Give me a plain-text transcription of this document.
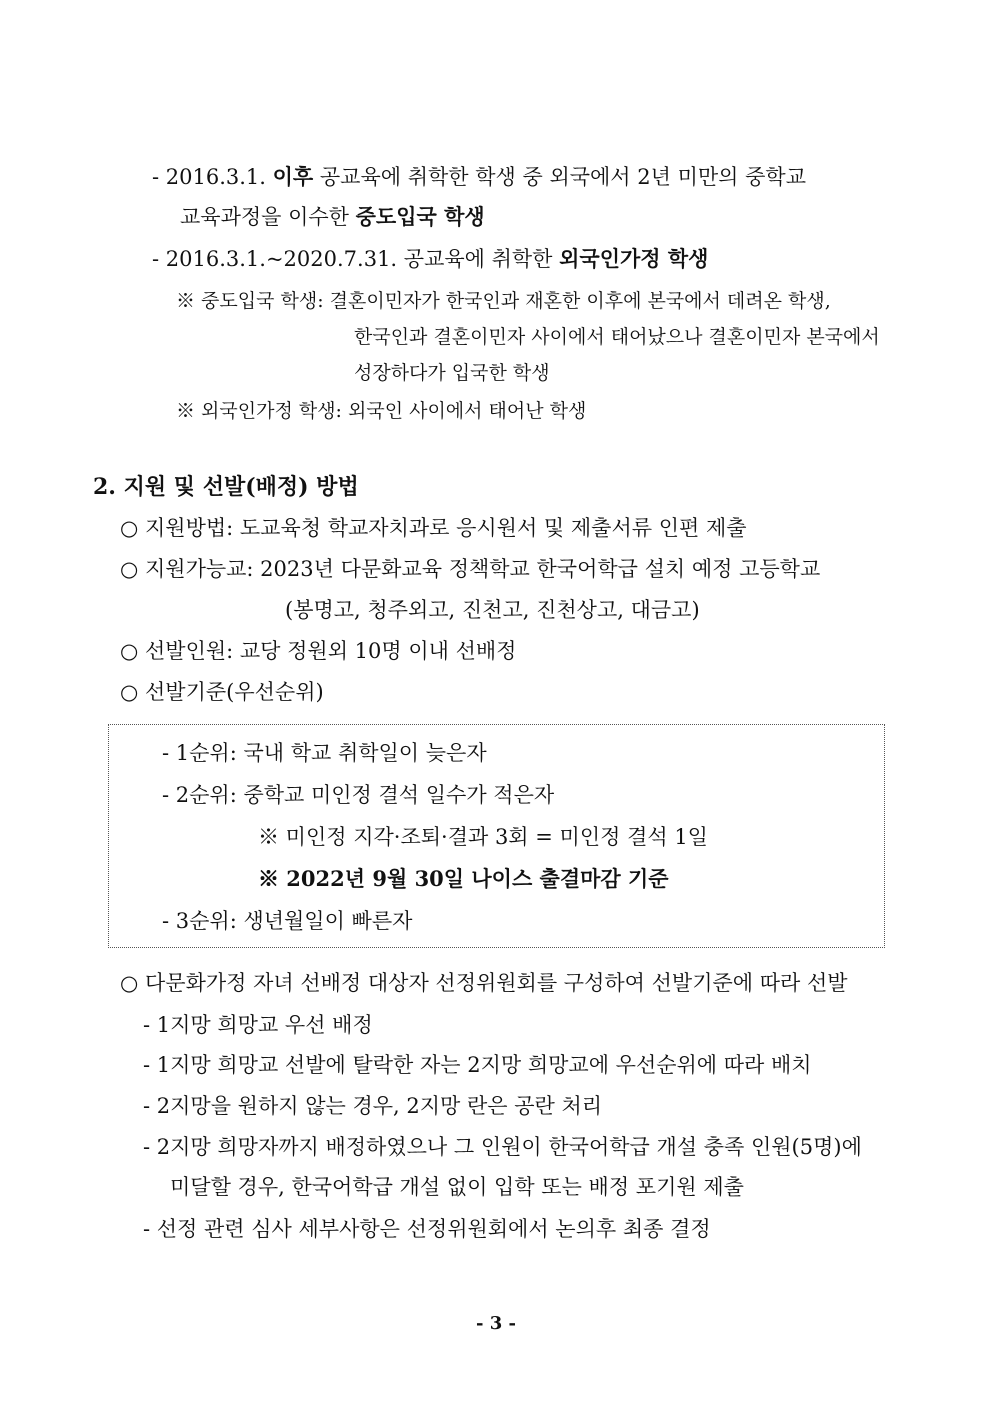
- 2016.3.1. 이후 공교육에 취학한 학생 중 외국에서 2년 미만의 중학교
교육과정을 이수한 중도입국 학생
- 2016.3.1.~2020.7.31. 공교육에 취학한 외국인가정 학생
※ 중도입국 학생: 결혼이민자가 한국인과 재혼한 이후에 본국에서 데려온 학생,
한국인과 결혼이민자 사이에서 태어났으나 결혼이민자 본국에서
성장하다가 입국한 학생
※ 외국인가정 학생: 외국인 사이에서 태어난 학생
2. 지원 및 선발(배정) 방법
○ 지원방법: 도교육청 학교자치과로 응시원서 및 제출서류 인편 제출
○ 지원가능교: 2023년 다문화교육 정책학교 한국어학급 설치 예정 고등학교
(봉명고, 청주외고, 진천고, 진천상고, 대금고)
○ 선발인원: 교당 정원외 10명 이내 선배정
○ 선발기준(우선순위)
- 1순위: 국내 학교 취학일이 늦은자
- 2순위: 중학교 미인정 결석 일수가 적은자
※ 미인정 지각·조퇴·결과 3회 = 미인정 결석 1일
※ 2022년 9월 30일 나이스 출결마감 기준
- 3순위: 생년월일이 빠른자
○ 다문화가정 자녀 선배정 대상자 선정위원회를 구성하여 선발기준에 따라 선발
- 1지망 희망교 우선 배정
- 1지망 희망교 선발에 탈락한 자는 2지망 희망교에 우선순위에 따라 배치
- 2지망을 원하지 않는 경우, 2지망 란은 공란 처리
- 2지망 희망자까지 배정하였으나 그 인원이 한국어학급 개설 충족 인원(5명)에
미달할 경우, 한국어학급 개설 없이 입학 또는 배정 포기원 제출
- 선정 관련 심사 세부사항은 선정위원회에서 논의후 최종 결정
- 3 -
